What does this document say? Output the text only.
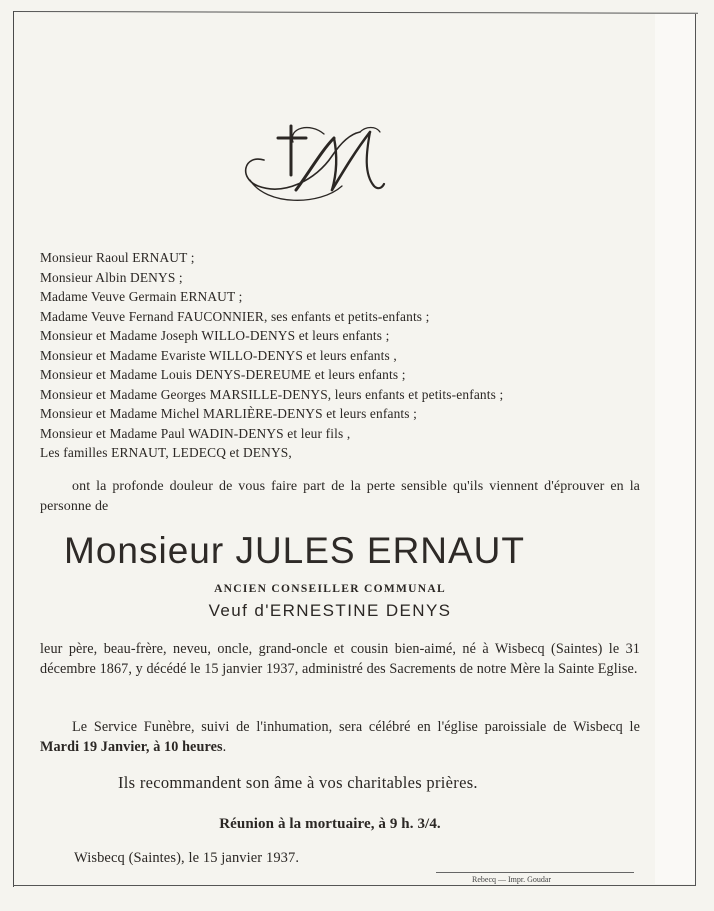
Monsieur Raoul ERNAUT ;
Monsieur Albin DENYS ;
Madame Veuve Germain ERNAUT ;
Madame Veuve Fernand FAUCONNIER, ses enfants et petits-enfants ;
Monsieur et Madame Joseph WILLO-DENYS et leurs enfants ;
Monsieur et Madame Evariste WILLO-DENYS et leurs enfants ,
Monsieur et Madame Louis DENYS-DEREUME et leurs enfants ;
Monsieur et Madame Georges MARSILLE-DENYS, leurs enfants et petits-enfants ;
Monsieur et Madame Michel MARLIÈRE-DENYS et leurs enfants ;
Monsieur et Madame Paul WADIN-DENYS et leur fils ,
Les familles ERNAUT, LEDECQ et DENYS,
ont la profonde douleur de vous faire part de la perte sensible qu'ils viennent d'éprouver en la personne de
Monsieur JULES ERNAUT
ANCIEN CONSEILLER COMMUNAL
Veuf d'ERNESTINE DENYS
leur père, beau-frère, neveu, oncle, grand-oncle et cousin bien-aimé, né à Wisbecq (Saintes) le 31 décembre 1867, y décédé le 15 janvier 1937, administré des Sacrements de notre Mère la Sainte Eglise.
Le Service Funèbre, suivi de l'inhumation, sera célébré en l'église paroissiale de Wisbecq le Mardi 19 Janvier, à 10 heures.
Ils recommandent son âme à vos charitables prières.
Réunion à la mortuaire, à 9 h. 3/4.
Wisbecq (Saintes), le 15 janvier 1937.
Rebecq — Impr. Goudar
